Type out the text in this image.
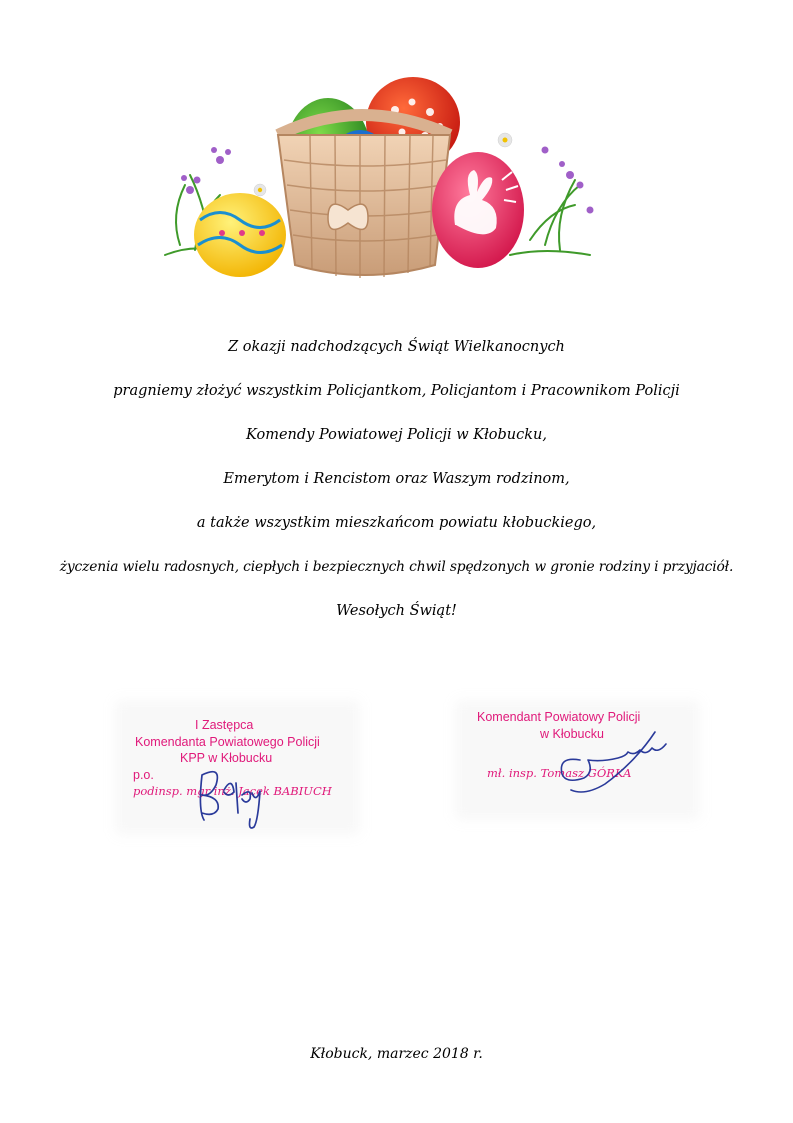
Z okazji nadchodzących Świąt Wielkanocnych
pragniemy złożyć wszystkim Policjantkom, Policjantom i Pracownikom Policji
Komendy Powiatowej Policji w Kłobucku,
Emerytom i Rencistom oraz Waszym rodzinom,
a także wszystkim mieszkańcom powiatu kłobuckiego,
życzenia wielu radosnych, ciepłych i bezpiecznych chwil spędzonych w gronie rodziny i przyjaciół.
Wesołych Świąt!
I Zastępca
Komendanta Powiatowego Policji
KPP w Kłobucku
p.o.
podinsp. mgr inż. Jacek BABIUCH
Komendant Powiatowy Policji
w Kłobucku
mł. insp. Tomasz GÓRKA
Kłobuck, marzec 2018 r.
